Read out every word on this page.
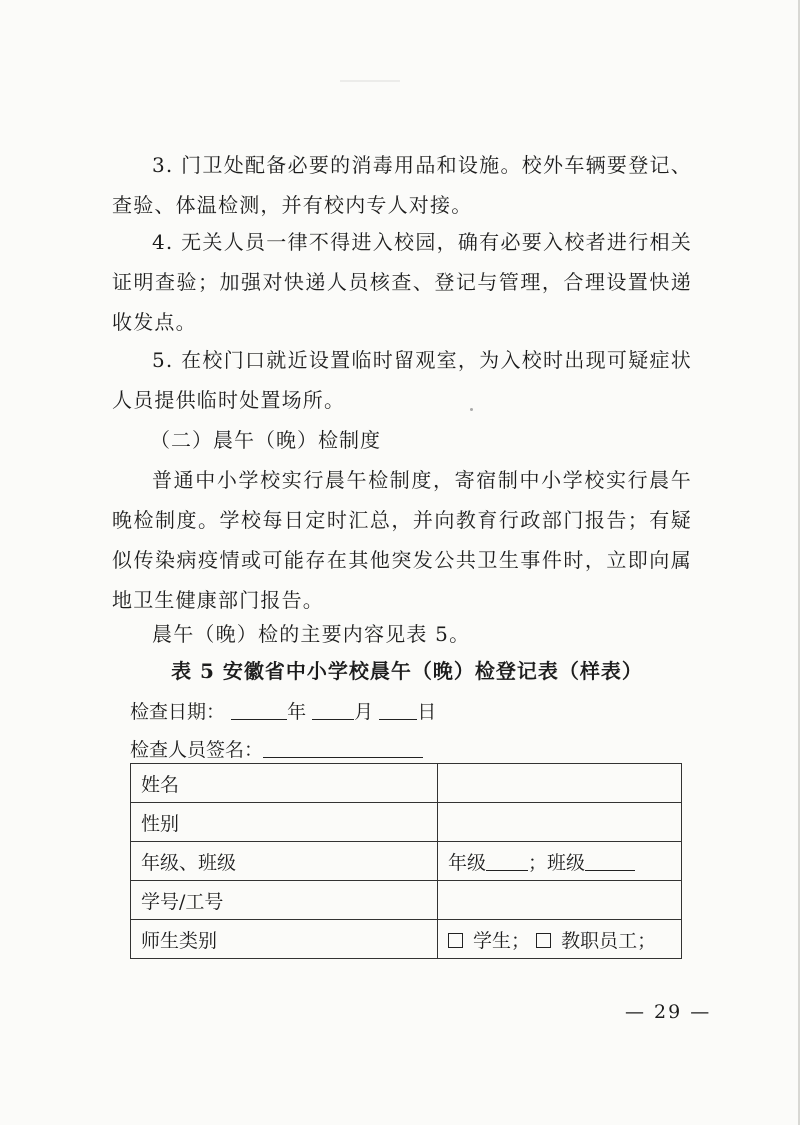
3. 门卫处配备必要的消毒用品和设施。校外车辆要登记、查验、体温检测，并有校内专人对接。

4. 无关人员一律不得进入校园，确有必要入校者进行相关证明查验；加强对快递人员核查、登记与管理，合理设置快递收发点。

5. 在校门口就近设置临时留观室，为入校时出现可疑症状人员提供临时处置场所。

（二）晨午（晚）检制度

普通中小学校实行晨午检制度，寄宿制中小学校实行晨午晚检制度。学校每日定时汇总，并向教育行政部门报告；有疑似传染病疫情或可能存在其他突发公共卫生事件时，立即向属地卫生健康部门报告。

晨午（晚）检的主要内容见表 5。

表 5 安徽省中小学校晨午（晚）检登记表（样表）

检查日期：	年	月 日

检查人员签名：

姓名	
性别	
年级、班级	年级 ；班级
学号/工号	
师生类别	学生； 教职员工；

— 29 —
